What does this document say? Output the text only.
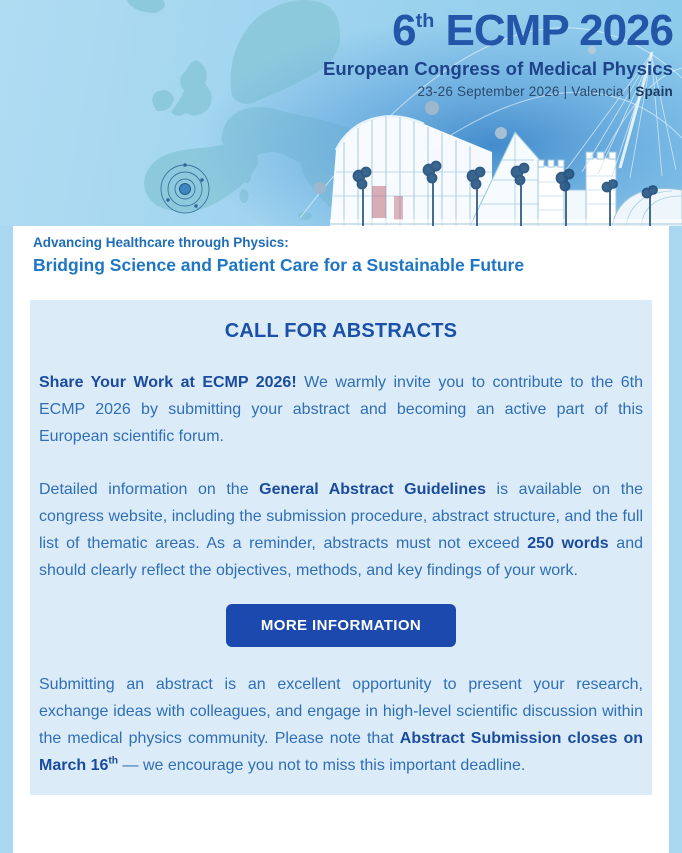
6th ECMP 2026
European Congress of Medical Physics
23-26 September 2026 | Valencia | Spain
Advancing Healthcare through Physics:
Bridging Science and Patient Care for a Sustainable Future
CALL FOR ABSTRACTS

Share Your Work at ECMP 2026! We warmly invite you to contribute to the 6th ECMP 2026 by submitting your abstract and becoming an active part of this European scientific forum.

Detailed information on the General Abstract Guidelines is available on the congress website, including the submission procedure, abstract structure, and the full list of thematic areas. As a reminder, abstracts must not exceed 250 words and should clearly reflect the objectives, methods, and key findings of your work.

MORE INFORMATION

Submitting an abstract is an excellent opportunity to present your research, exchange ideas with colleagues, and engage in high-level scientific discussion within the medical physics community. Please note that Abstract Submission closes on March 16th — we encourage you not to miss this important deadline.
